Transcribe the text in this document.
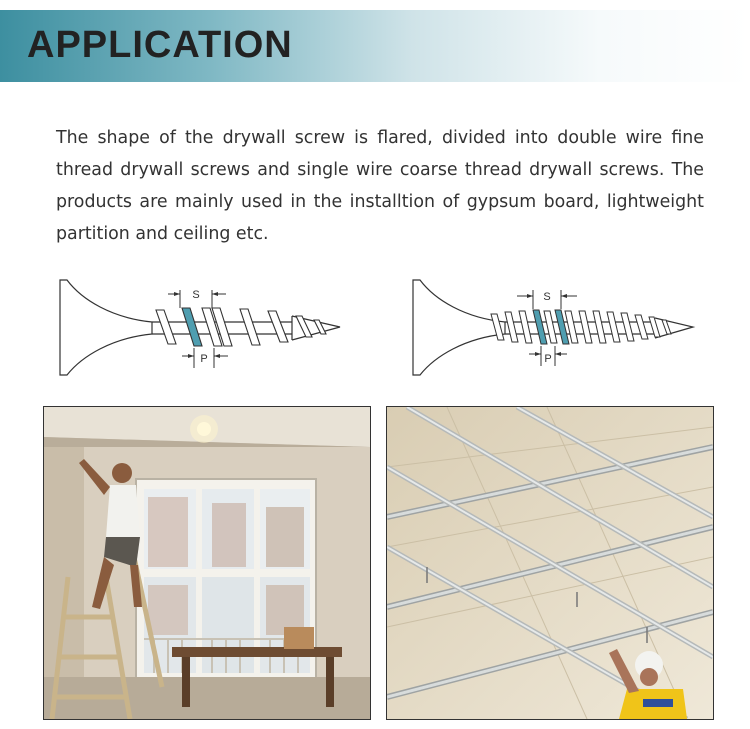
APPLICATION

The shape of the drywall screw is flared, divided into double wire fine thread drywall screws and single wire coarse thread drywall screws. The products are mainly used in the installtion of gypsum board, lightweight partition and ceiling etc.

S
P
S
P
